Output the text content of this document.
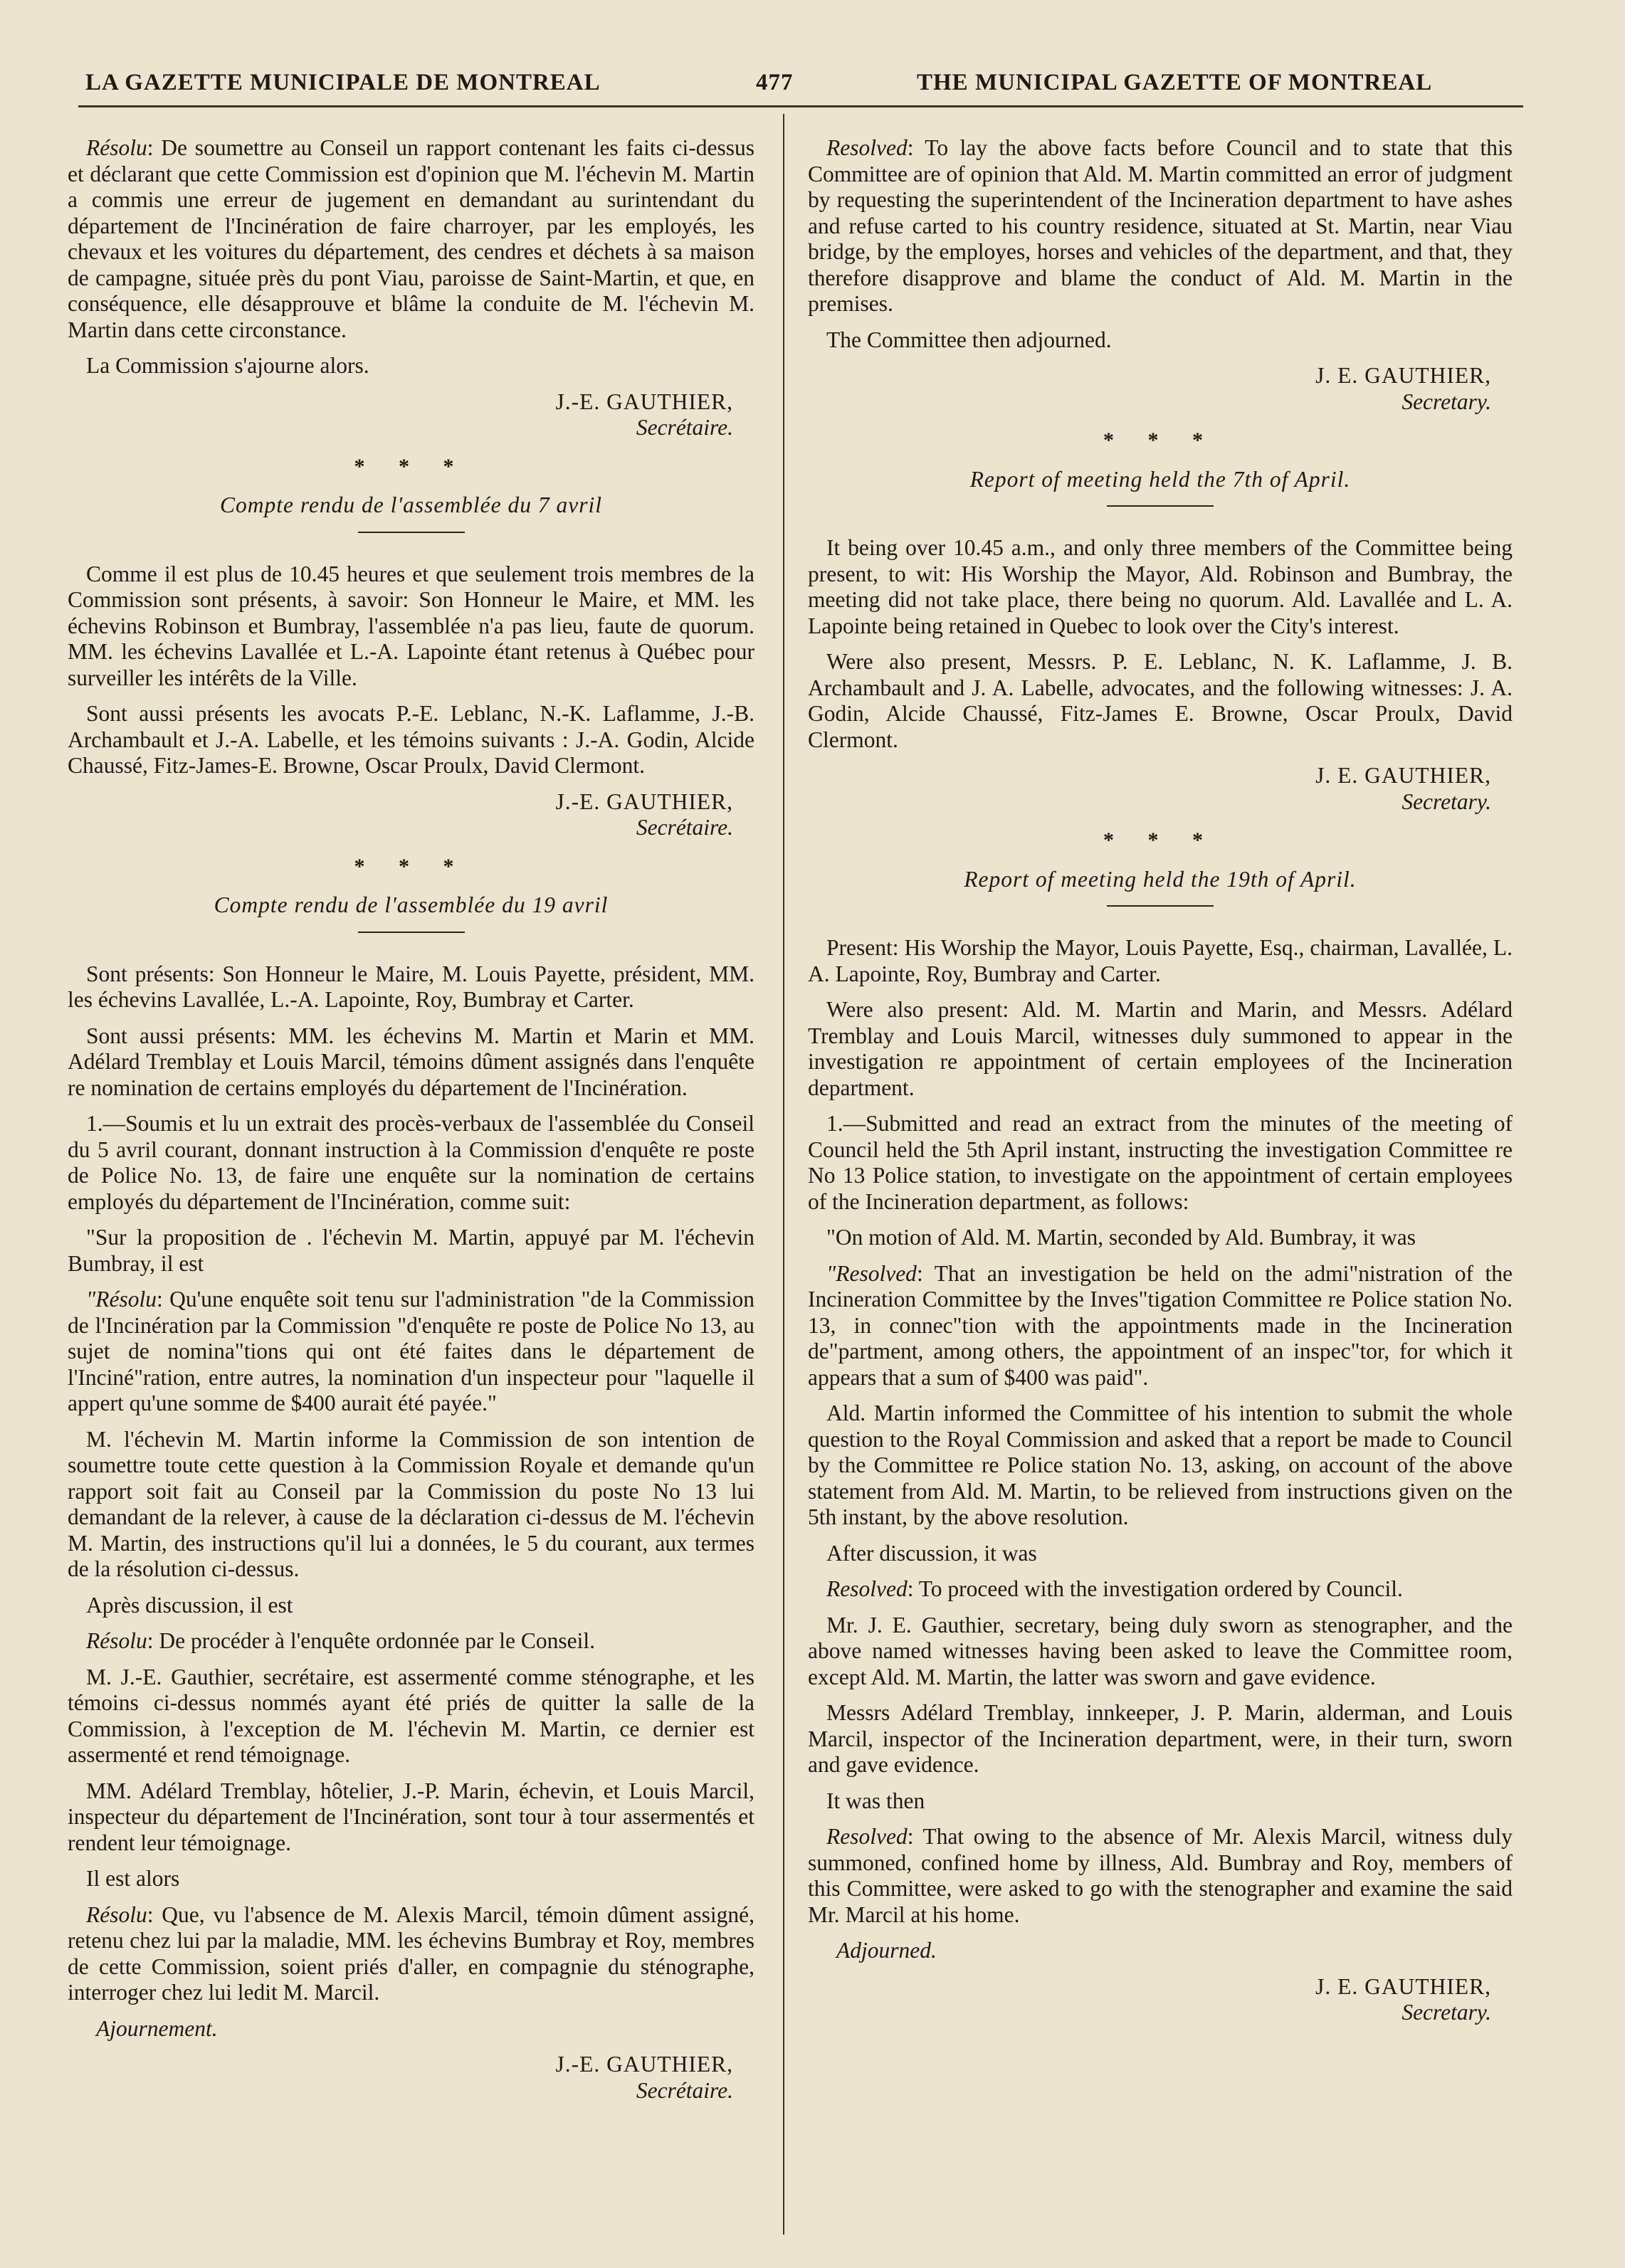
LA GAZETTE MUNICIPALE DE MONTREAL	477	THE MUNICIPAL GAZETTE OF MONTREAL

Résolu: De soumettre au Conseil un rapport contenant les faits ci-dessus et déclarant que cette Commission est d'opinion que M. l'échevin M. Martin a commis une erreur de jugement en demandant au surintendant du département de l'Incinération de faire charroyer, par les employés, les chevaux et les voitures du département, des cendres et déchets à sa maison de campagne, située près du pont Viau, paroisse de Saint-Martin, et que, en conséquence, elle désapprouve et blâme la conduite de M. l'échevin M. Martin dans cette circonstance.

La Commission s'ajourne alors.

J.-E. GAUTHIER,
Secrétaire.
* * *
Compte rendu de l'assemblée du 7 avril

Comme il est plus de 10.45 heures et que seulement trois membres de la Commission sont présents, à savoir: Son Honneur le Maire, et MM. les échevins Robinson et Bumbray, l'assemblée n'a pas lieu, faute de quorum. MM. les échevins Lavallée et L.-A. Lapointe étant retenus à Québec pour surveiller les intérêts de la Ville.

Sont aussi présents les avocats P.-E. Leblanc, N.-K. Laflamme, J.-B. Archambault et J.-A. Labelle, et les témoins suivants : J.-A. Godin, Alcide Chaussé, Fitz-James-E. Browne, Oscar Proulx, David Clermont.

J.-E. GAUTHIER,
Secrétaire.
* * *
Compte rendu de l'assemblée du 19 avril

Sont présents: Son Honneur le Maire, M. Louis Payette, président, MM. les échevins Lavallée, L.-A. Lapointe, Roy, Bumbray et Carter.

Sont aussi présents: MM. les échevins M. Martin et Marin et MM. Adélard Tremblay et Louis Marcil, témoins dûment assignés dans l'enquête re nomination de certains employés du département de l'Incinération.

1.—Soumis et lu un extrait des procès-verbaux de l'assemblée du Conseil du 5 avril courant, donnant instruction à la Commission d'enquête re poste de Police No. 13, de faire une enquête sur la nomination de certains employés du département de l'Incinération, comme suit:

"Sur la proposition de . l'échevin M. Martin, appuyé par M. l'échevin Bumbray, il est

"Résolu: Qu'une enquête soit tenu sur l'administration "de la Commission de l'Incinération par la Commission "d'enquête re poste de Police No 13, au sujet de nomina"tions qui ont été faites dans le département de l'Inciné"ration, entre autres, la nomination d'un inspecteur pour "laquelle il appert qu'une somme de $400 aurait été payée."

M. l'échevin M. Martin informe la Commission de son intention de soumettre toute cette question à la Commission Royale et demande qu'un rapport soit fait au Conseil par la Commission du poste No 13 lui demandant de la relever, à cause de la déclaration ci-dessus de M. l'échevin M. Martin, des instructions qu'il lui a données, le 5 du courant, aux termes de la résolution ci-dessus.

Après discussion, il est

Résolu: De procéder à l'enquête ordonnée par le Conseil.

M. J.-E. Gauthier, secrétaire, est assermenté comme sténographe, et les témoins ci-dessus nommés ayant été priés de quitter la salle de la Commission, à l'exception de M. l'échevin M. Martin, ce dernier est assermenté et rend témoignage.

MM. Adélard Tremblay, hôtelier, J.-P. Marin, échevin, et Louis Marcil, inspecteur du département de l'Incinération, sont tour à tour assermentés et rendent leur témoignage.

Il est alors

Résolu: Que, vu l'absence de M. Alexis Marcil, témoin dûment assigné, retenu chez lui par la maladie, MM. les échevins Bumbray et Roy, membres de cette Commission, soient priés d'aller, en compagnie du sténographe, interroger chez lui ledit M. Marcil.

Ajournement.
J.-E. GAUTHIER,
Secrétaire.

Resolved: To lay the above facts before Council and to state that this Committee are of opinion that Ald. M. Martin committed an error of judgment by requesting the superintendent of the Incineration department to have ashes and refuse carted to his country residence, situated at St. Martin, near Viau bridge, by the employes, horses and vehicles of the department, and that, they therefore disapprove and blame the conduct of Ald. M. Martin in the premises.

The Committee then adjourned.

J. E. GAUTHIER,
Secretary.
* * *
Report of meeting held the 7th of April.

It being over 10.45 a.m., and only three members of the Committee being present, to wit: His Worship the Mayor, Ald. Robinson and Bumbray, the meeting did not take place, there being no quorum. Ald. Lavallée and L. A. Lapointe being retained in Quebec to look over the City's interest.

Were also present, Messrs. P. E. Leblanc, N. K. Laflamme, J. B. Archambault and J. A. Labelle, advocates, and the following witnesses: J. A. Godin, Alcide Chaussé, Fitz-James E. Browne, Oscar Proulx, David Clermont.

J. E. GAUTHIER,
Secretary.
* * *
Report of meeting held the 19th of April.

Present: His Worship the Mayor, Louis Payette, Esq., chairman, Lavallée, L. A. Lapointe, Roy, Bumbray and Carter.

Were also present: Ald. M. Martin and Marin, and Messrs. Adélard Tremblay and Louis Marcil, witnesses duly summoned to appear in the investigation re appointment of certain employees of the Incineration department.

1.—Submitted and read an extract from the minutes of the meeting of Council held the 5th April instant, instructing the investigation Committee re No 13 Police station, to investigate on the appointment of certain employees of the Incineration department, as follows:

"On motion of Ald. M. Martin, seconded by Ald. Bumbray, it was

"Resolved: That an investigation be held on the admi"nistration of the Incineration Committee by the Inves"tigation Committee re Police station No. 13, in connec"tion with the appointments made in the Incineration de"partment, among others, the appointment of an inspec"tor, for which it appears that a sum of $400 was paid".

Ald. Martin informed the Committee of his intention to submit the whole question to the Royal Commission and asked that a report be made to Council by the Committee re Police station No. 13, asking, on account of the above statement from Ald. M. Martin, to be relieved from instructions given on the 5th instant, by the above resolution.

After discussion, it was

Resolved: To proceed with the investigation ordered by Council.

Mr. J. E. Gauthier, secretary, being duly sworn as stenographer, and the above named witnesses having been asked to leave the Committee room, except Ald. M. Martin, the latter was sworn and gave evidence.

Messrs Adélard Tremblay, innkeeper, J. P. Marin, alderman, and Louis Marcil, inspector of the Incineration department, were, in their turn, sworn and gave evidence.

It was then

Resolved: That owing to the absence of Mr. Alexis Marcil, witness duly summoned, confined home by illness, Ald. Bumbray and Roy, members of this Committee, were asked to go with the stenographer and examine the said Mr. Marcil at his home.

Adjourned.
J. E. GAUTHIER,
Secretary.
